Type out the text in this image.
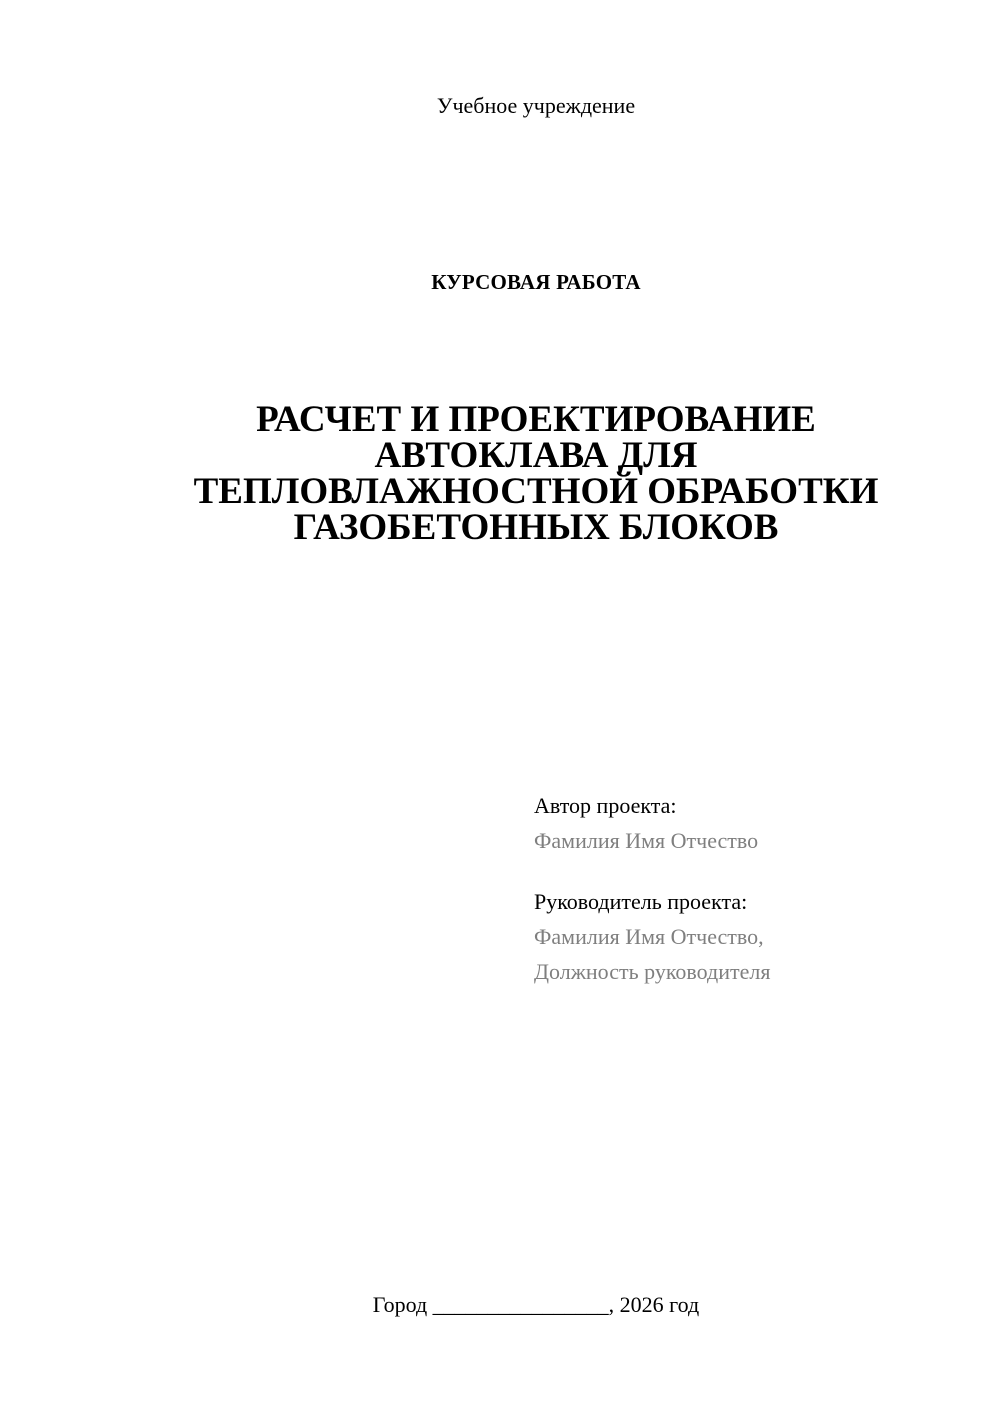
Учебное учреждение
КУРСОВАЯ РАБОТА
РАСЧЕТ И ПРОЕКТИРОВАНИЕ
АВТОКЛАВА ДЛЯ
ТЕПЛОВЛАЖНОСТНОЙ ОБРАБОТКИ
ГАЗОБЕТОННЫХ БЛОКОВ
Автор проекта:
Фамилия Имя Отчество
Руководитель проекта:
Фамилия Имя Отчество,
Должность руководителя
Город ________________, 2026 год
